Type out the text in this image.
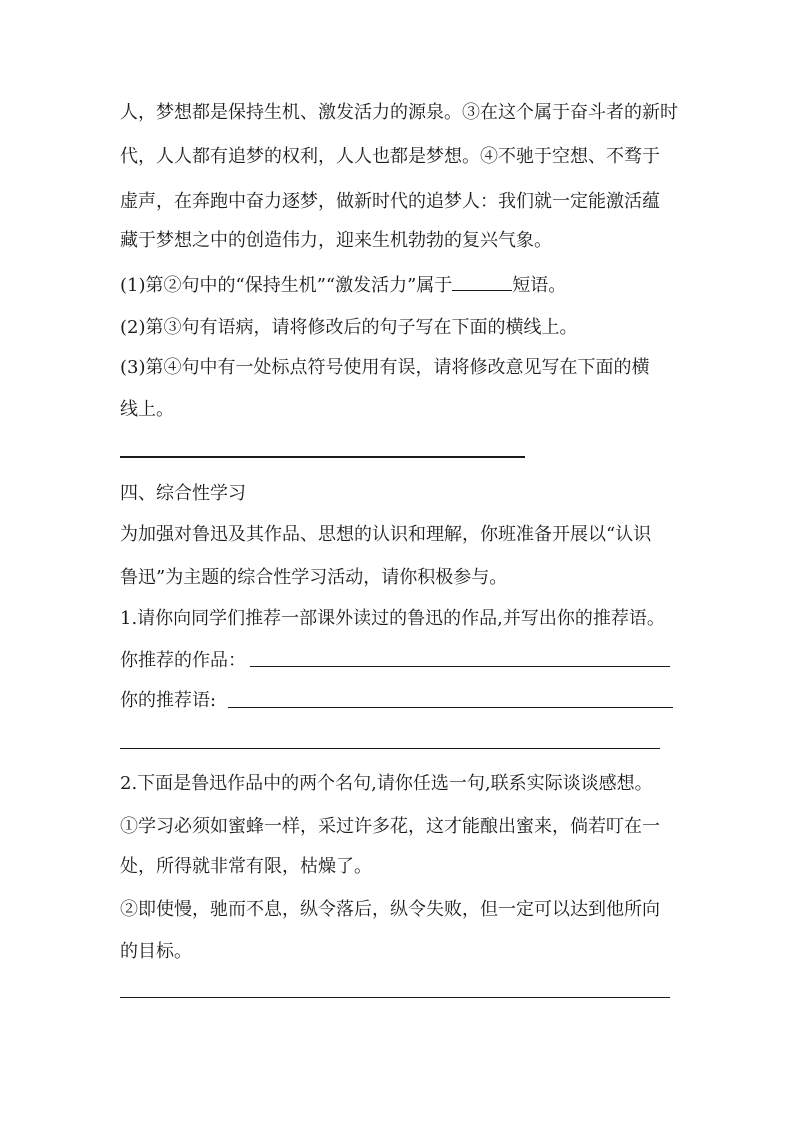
人，梦想都是保持生机、激发活力的源泉。③在这个属于奋斗者的新时
代，人人都有追梦的权利，人人也都是梦想。④不驰于空想、不骛于
虚声，在奔跑中奋力逐梦，做新时代的追梦人：我们就一定能激活蕴
藏于梦想之中的创造伟力，迎来生机勃勃的复兴气象。
(1)第②句中的“保持生机”“激发活力”属于	短语。
(2)第③句有语病，请将修改后的句子写在下面的横线上。
(3)第④句中有一处标点符号使用有误，请将修改意见写在下面的横
线上。
四、综合性学习
为加强对鲁迅及其作品、思想的认识和理解，你班准备开展以“认识
鲁迅”为主题的综合性学习活动，请你积极参与。
1.请你向同学们推荐一部课外读过的鲁迅的作品,并写出你的推荐语。
你推荐的作品：
你的推荐语:
2.下面是鲁迅作品中的两个名句,请你任选一句,联系实际谈谈感想。
①学习必须如蜜蜂一样，采过许多花，这才能酿出蜜来，倘若叮在一
处，所得就非常有限，枯燥了。
②即使慢，驰而不息，纵令落后，纵令失败，但一定可以达到他所向
的目标。
